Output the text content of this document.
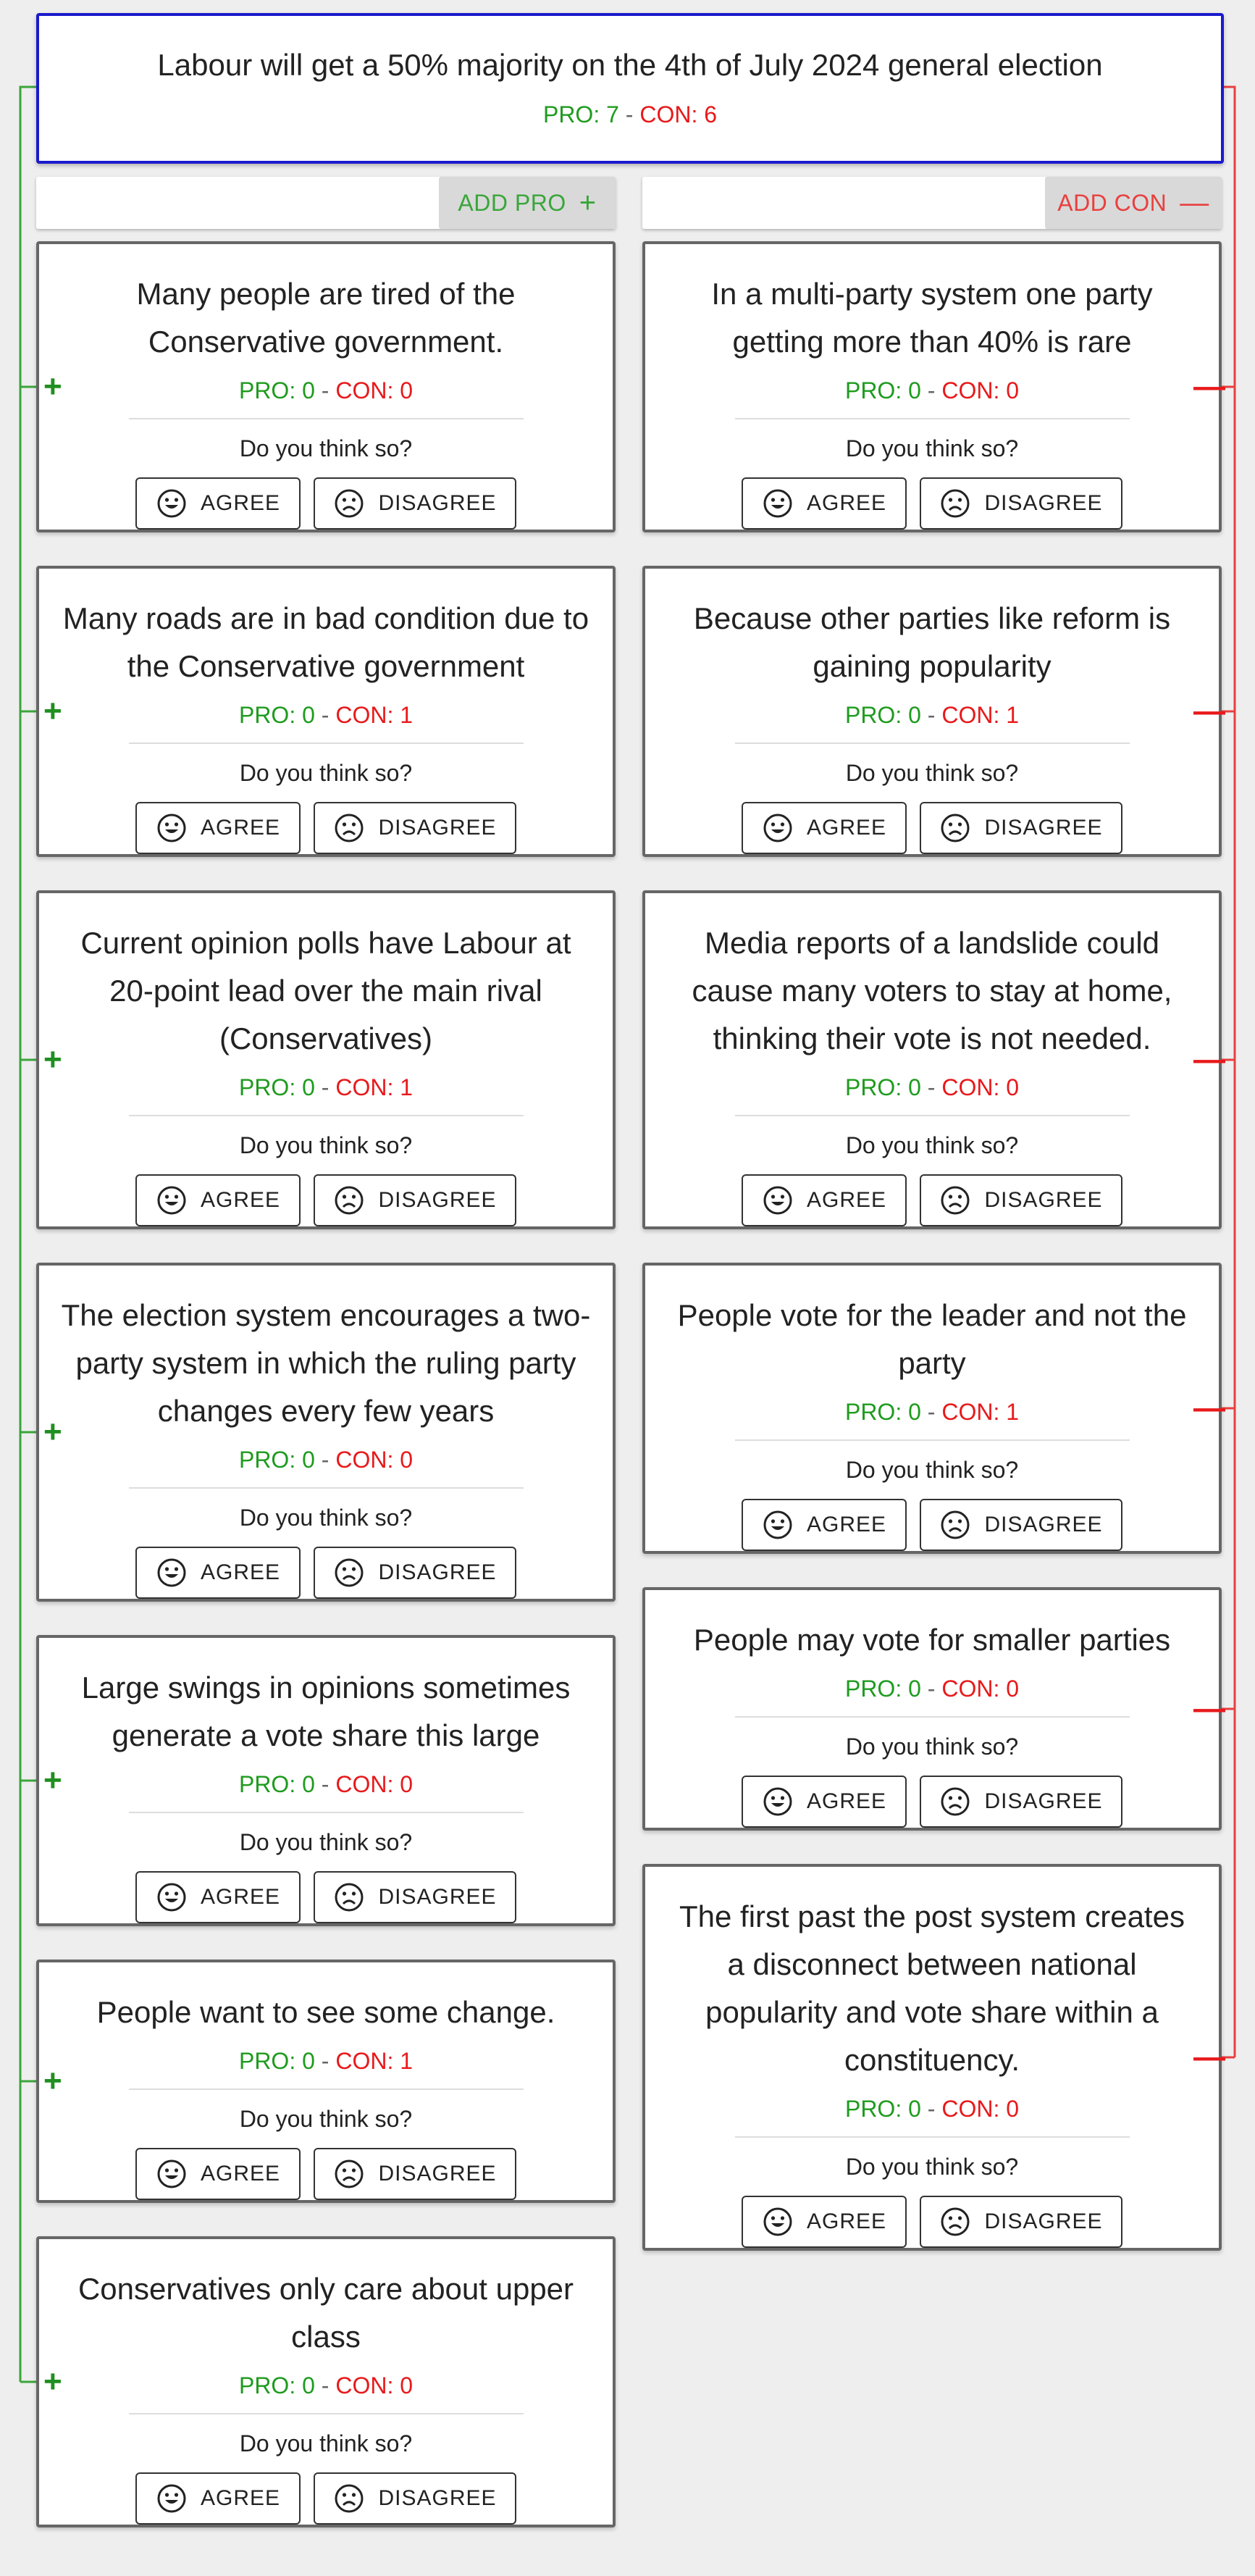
Labour will get a 50% majority on the 4th of July 2024 general election
PRO: 7 - CON: 6
ADD PRO +	ADD CON —
Many people are tired of the Conservative government.
PRO: 0 - CON: 0
Do you think so?
AGREE	DISAGREE
Many roads are in bad condition due to the Conservative government
PRO: 0 - CON: 1
Do you think so?
AGREE	DISAGREE
Current opinion polls have Labour at 20-point lead over the main rival (Conservatives)
PRO: 0 - CON: 1
Do you think so?
AGREE	DISAGREE
The election system encourages a two-party system in which the ruling party changes every few years
PRO: 0 - CON: 0
Do you think so?
AGREE	DISAGREE
Large swings in opinions sometimes generate a vote share this large
PRO: 0 - CON: 0
Do you think so?
AGREE	DISAGREE
People want to see some change.
PRO: 0 - CON: 1
Do you think so?
AGREE	DISAGREE
Conservatives only care about upper class
PRO: 0 - CON: 0
Do you think so?
AGREE	DISAGREE
In a multi-party system one party getting more than 40% is rare
PRO: 0 - CON: 0
Do you think so?
AGREE	DISAGREE
Because other parties like reform is gaining popularity
PRO: 0 - CON: 1
Do you think so?
AGREE	DISAGREE
Media reports of a landslide could cause many voters to stay at home, thinking their vote is not needed.
PRO: 0 - CON: 0
Do you think so?
AGREE	DISAGREE
People vote for the leader and not the party
PRO: 0 - CON: 1
Do you think so?
AGREE	DISAGREE
People may vote for smaller parties
PRO: 0 - CON: 0
Do you think so?
AGREE	DISAGREE
The first past the post system creates a disconnect between national popularity and vote share within a constituency.
PRO: 0 - CON: 0
Do you think so?
AGREE	DISAGREE
+
+
+
+
+
+
+
—
—
—
—
—
—
